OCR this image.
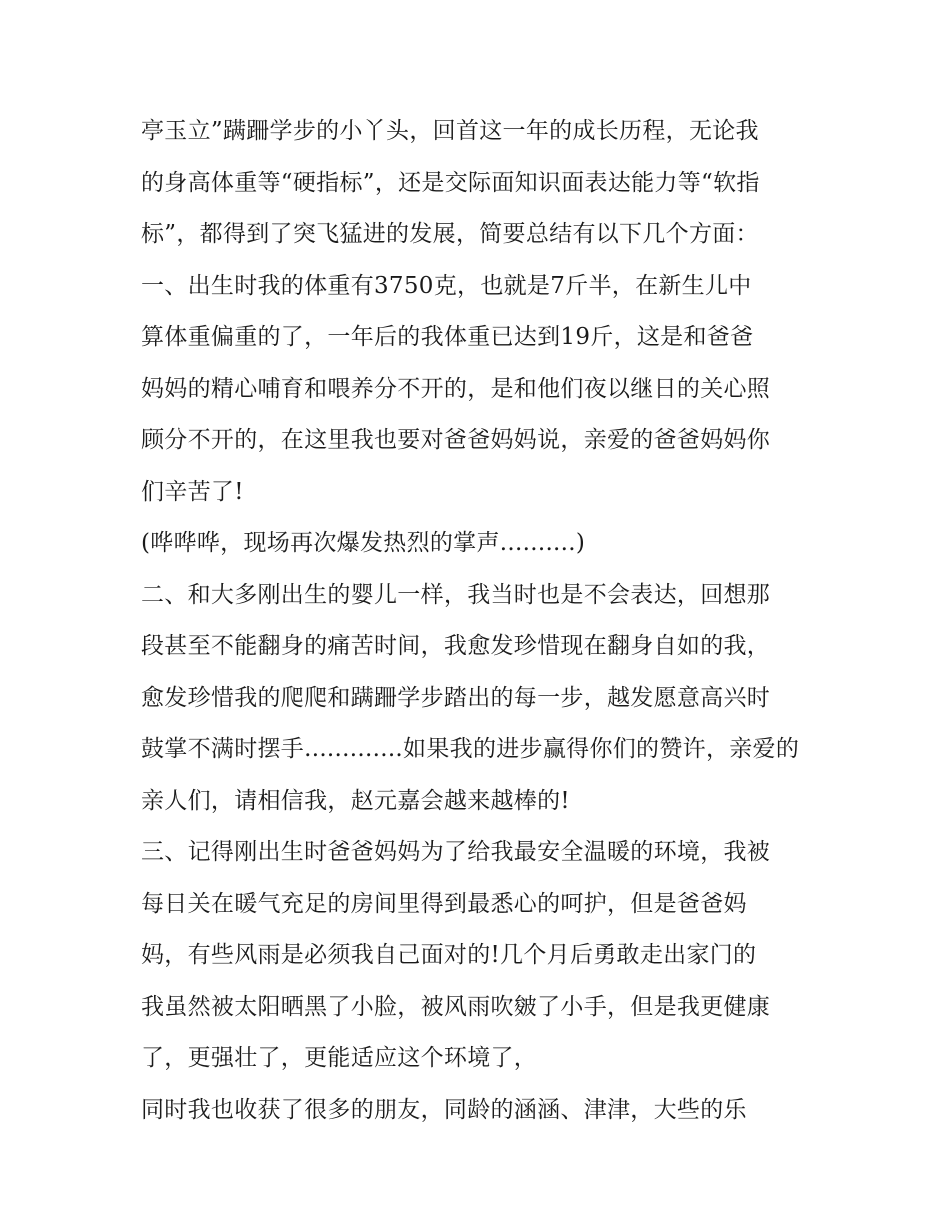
亭玉立”蹒跚学步的小丫头，回首这一年的成长历程，无论我
的身高体重等“硬指标”，还是交际面知识面表达能力等“软指
标”，都得到了突飞猛进的发展，简要总结有以下几个方面：
一、出生时我的体重有3750克，也就是7斤半，在新生儿中
算体重偏重的了，一年后的我体重已达到19斤，这是和爸爸
妈妈的精心哺育和喂养分不开的，是和他们夜以继日的关心照
顾分不开的，在这里我也要对爸爸妈妈说，亲爱的爸爸妈妈你
们辛苦了!
(哗哗哗，现场再次爆发热烈的掌声..........)
二、和大多刚出生的婴儿一样，我当时也是不会表达，回想那
段甚至不能翻身的痛苦时间，我愈发珍惜现在翻身自如的我，
愈发珍惜我的爬爬和蹒跚学步踏出的每一步，越发愿意高兴时
鼓掌不满时摆手.............如果我的进步赢得你们的赞许，亲爱的
亲人们，请相信我，赵元嘉会越来越棒的!
三、记得刚出生时爸爸妈妈为了给我最安全温暖的环境，我被
每日关在暖气充足的房间里得到最悉心的呵护，但是爸爸妈
妈，有些风雨是必须我自己面对的!几个月后勇敢走出家门的
我虽然被太阳晒黑了小脸，被风雨吹皴了小手，但是我更健康
了，更强壮了，更能适应这个环境了，
同时我也收获了很多的朋友，同龄的涵涵、津津，大些的乐
